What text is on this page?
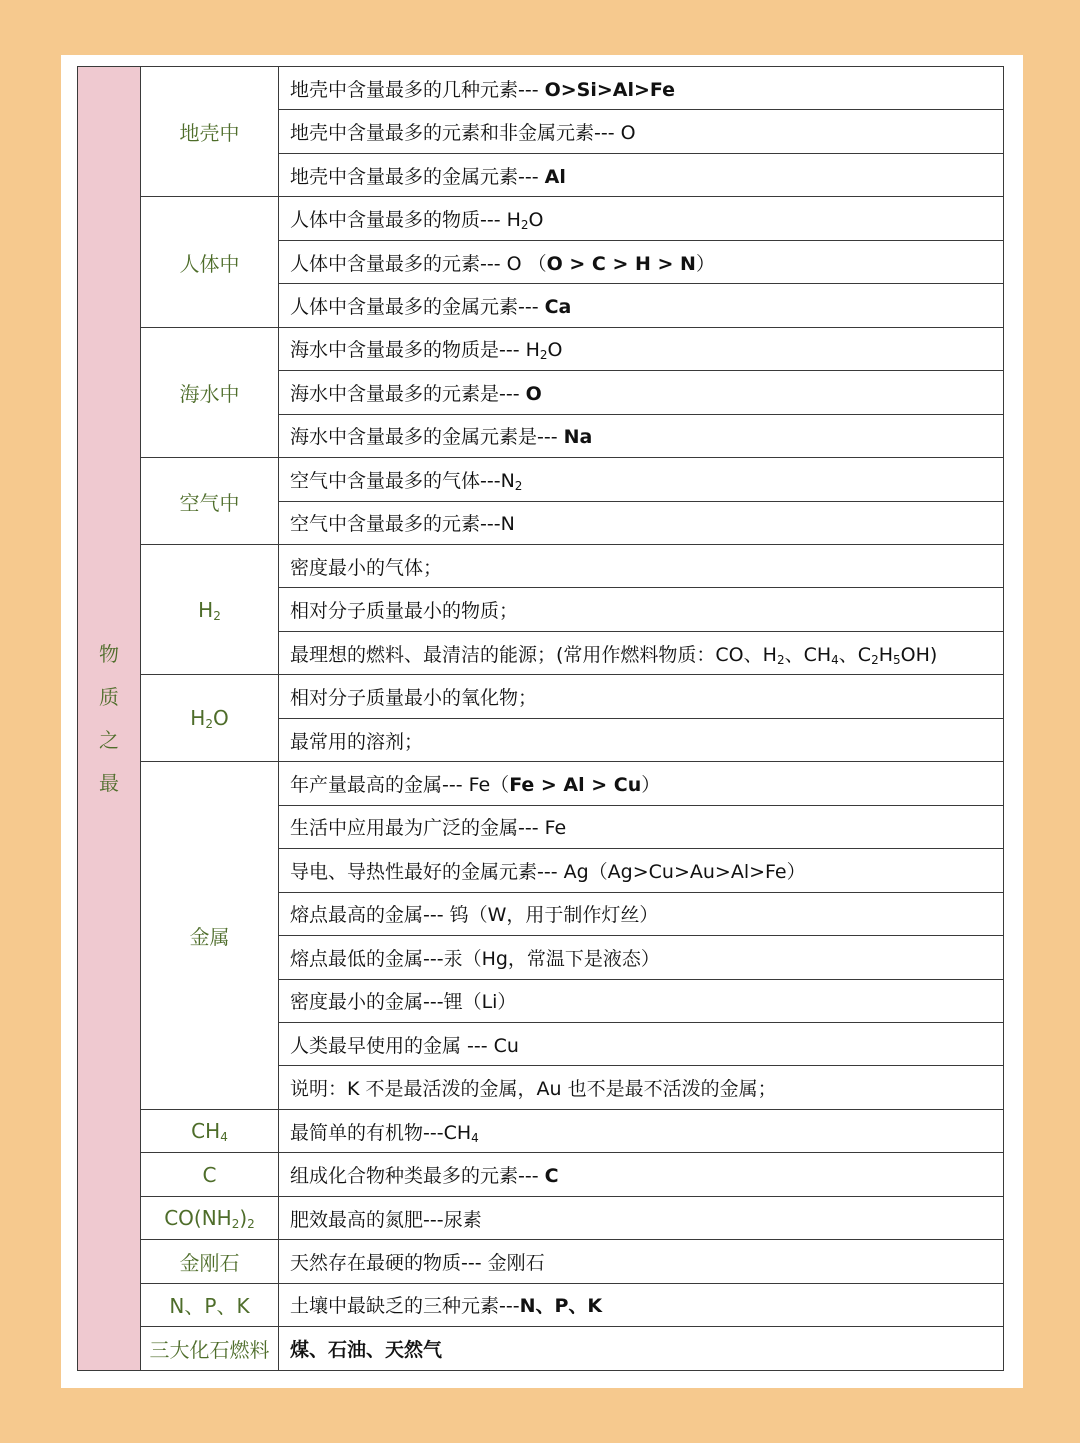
物
质
之
最	地壳中	地壳中含量最多的几种元素--- O>Si>Al>Fe
		地壳中含量最多的元素和非金属元素--- O
		地壳中含量最多的金属元素--- Al
	人体中	人体中含量最多的物质--- $H_2O$
		人体中含量最多的元素--- O （O > C > H > N）
		人体中含量最多的金属元素--- Ca
	海水中	海水中含量最多的物质是--- $H_2O$
		海水中含量最多的元素是--- O
		海水中含量最多的金属元素是--- Na
	空气中	空气中含量最多的气体$---N_2$
		空气中含量最多的元素---N
	$H_2$	密度最小的气体；
		相对分子质量最小的物质；
		最理想的燃料、最清洁的能源；(常用作燃料物质：CO、$H_2$、$CH_4$、$C_2H_5OH$)
	$H_2O$	相对分子质量最小的氧化物；
		最常用的溶剂；
	金属	年产量最高的金属--- Fe（Fe > Al > Cu）
		生活中应用最为广泛的金属--- Fe
		导电、导热性最好的金属元素--- Ag（Ag>Cu>Au>Al>Fe）
		熔点最高的金属--- 钨（W，用于制作灯丝）
		熔点最低的金属---汞（Hg，常温下是液态）
		密度最小的金属---锂（Li）
		人类最早使用的金属 --- Cu
		说明：K 不是最活泼的金属，Au 也不是最不活泼的金属；
	$CH_4$	最简单的有机物$---CH_4$
	C	组成化合物种类最多的元素--- C
	$CO(NH_2)_2$	肥效最高的氮肥---尿素
	金刚石	天然存在最硬的物质--- 金刚石
	N、P、K	土壤中最缺乏的三种元素---N、P、K
	三大化石燃料	煤、石油、天然气
